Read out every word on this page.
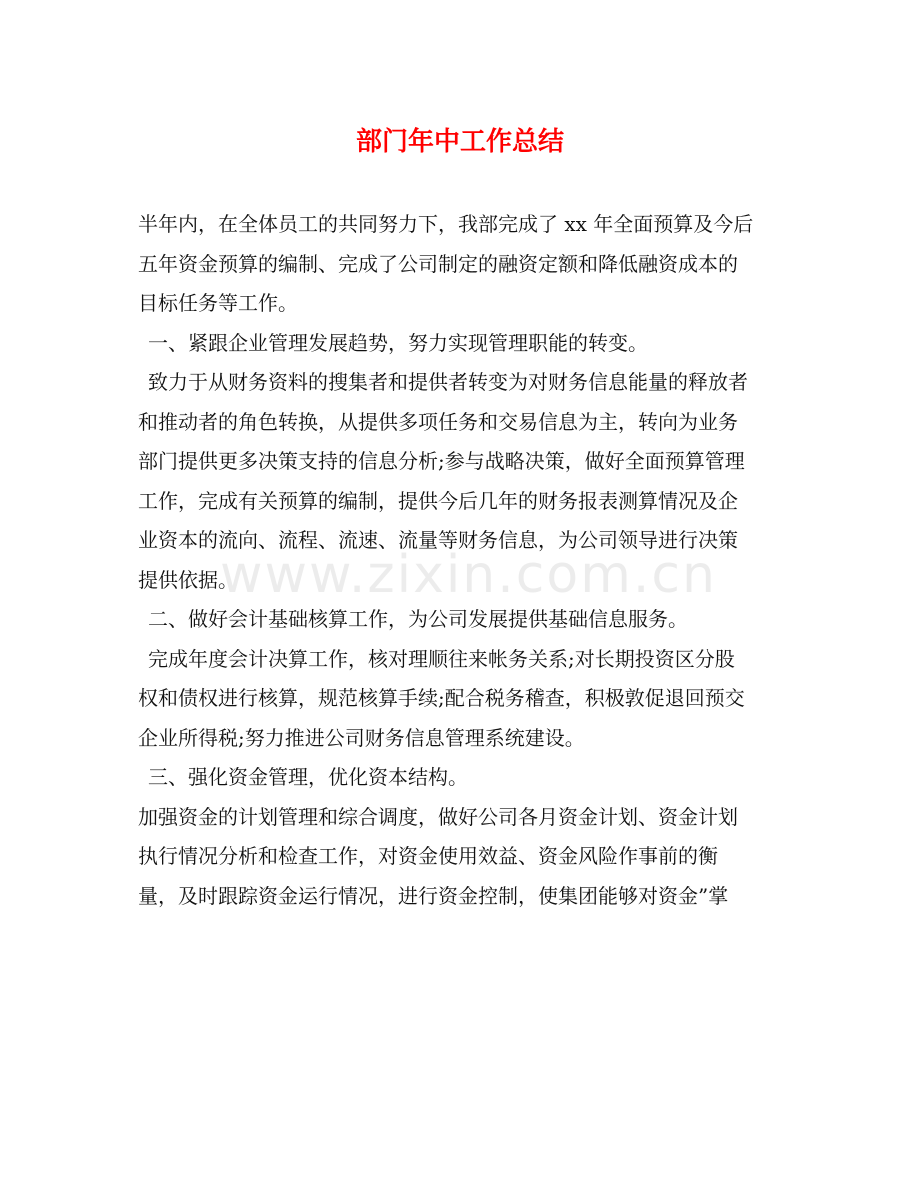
部门年中工作总结
www.zixin.com.cn

半年内，在全体员工的共同努力下，我部完成了 xx 年全面预算及今后

五年资金预算的编制、完成了公司制定的融资定额和降低融资成本的

目标任务等工作。

一、紧跟企业管理发展趋势，努力实现管理职能的转变。

致力于从财务资料的搜集者和提供者转变为对财务信息能量的释放者

和推动者的角色转换，从提供多项任务和交易信息为主，转向为业务

部门提供更多决策支持的信息分析;参与战略决策，做好全面预算管理

工作，完成有关预算的编制，提供今后几年的财务报表测算情况及企

业资本的流向、流程、流速、流量等财务信息，为公司领导进行决策

提供依据。

二、做好会计基础核算工作，为公司发展提供基础信息服务。

完成年度会计决算工作，核对理顺往来帐务关系;对长期投资区分股

权和债权进行核算，规范核算手续;配合税务稽查，积极敦促退回预交

企业所得税;努力推进公司财务信息管理系统建设。

三、强化资金管理，优化资本结构。

加强资金的计划管理和综合调度，做好公司各月资金计划、资金计划

执行情况分析和检查工作，对资金使用效益、资金风险作事前的衡

量，及时跟踪资金运行情况，进行资金控制，使集团能够对资金”掌
